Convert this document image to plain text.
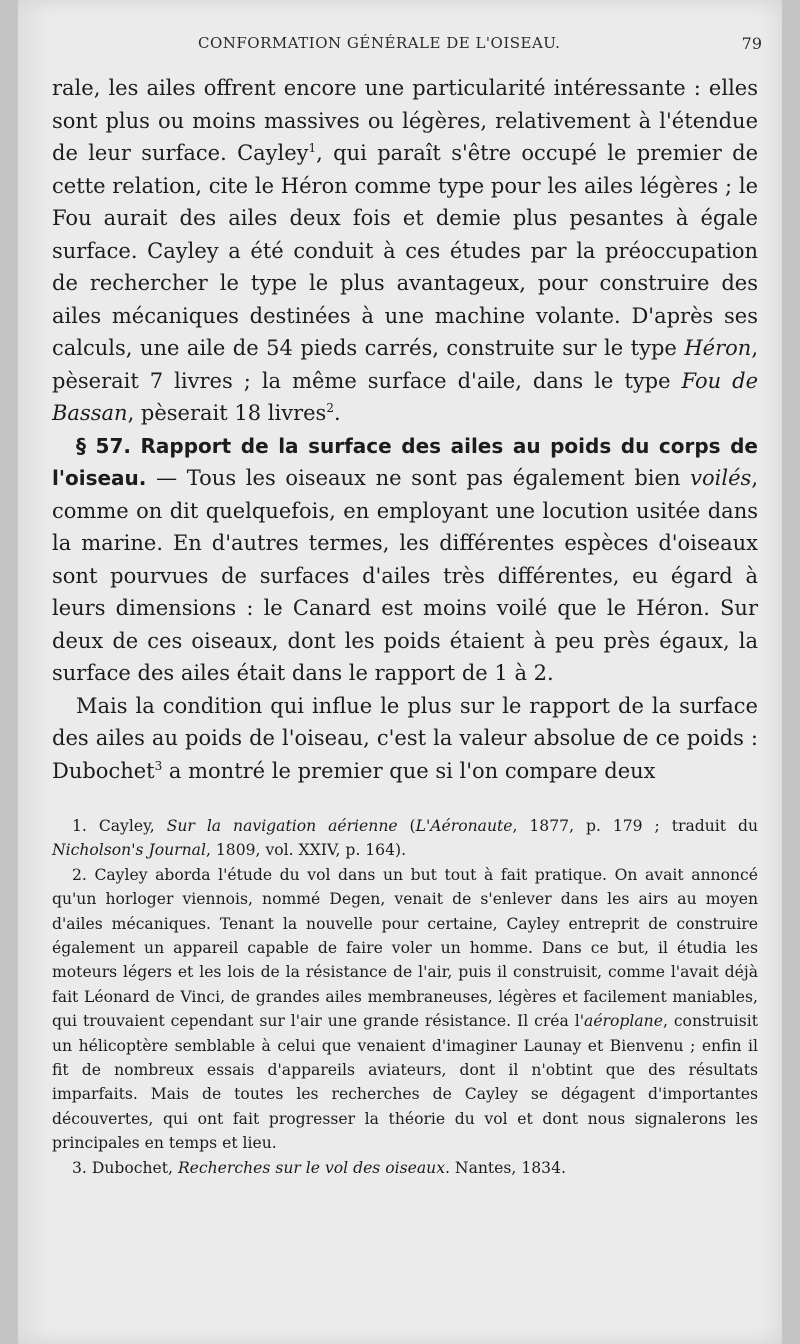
CONFORMATION GÉNÉRALE DE L'OISEAU.	79

rale, les ailes offrent encore une particularité intéressante : elles sont plus ou moins massives ou légères, relativement à l'étendue de leur surface. Cayley$^1$, qui paraît s'être occupé le premier de cette relation, cite le Héron comme type pour les ailes légères ; le Fou aurait des ailes deux fois et demie plus pesantes à égale surface. Cayley a été conduit à ces études par la préoccupation de rechercher le type le plus avantageux, pour construire des ailes mécaniques destinées à une machine volante. D'après ses calculs, une aile de 54 pieds carrés, construite sur le type Héron, pèserait 7 livres ; la même surface d'aile, dans le type Fou de Bassan, pèserait 18 livres$^2$.

§ 57. Rapport de la surface des ailes au poids du corps de l'oiseau. — Tous les oiseaux ne sont pas également bien voilés, comme on dit quelquefois, en employant une locution usitée dans la marine. En d'autres termes, les différentes espèces d'oiseaux sont pourvues de surfaces d'ailes très différentes, eu égard à leurs dimensions : le Canard est moins voilé que le Héron. Sur deux de ces oiseaux, dont les poids étaient à peu près égaux, la surface des ailes était dans le rapport de 1 à 2.

Mais la condition qui influe le plus sur le rapport de la surface des ailes au poids de l'oiseau, c'est la valeur absolue de ce poids : Dubochet$^3$ a montré le premier que si l'on compare deux

1. Cayley, Sur la navigation aérienne (L'Aéronaute, 1877, p. 179 ; traduit du Nicholson's Journal, 1809, vol. XXIV, p. 164).

2. Cayley aborda l'étude du vol dans un but tout à fait pratique. On avait annoncé qu'un horloger viennois, nommé Degen, venait de s'enlever dans les airs au moyen d'ailes mécaniques. Tenant la nouvelle pour certaine, Cayley entreprit de construire également un appareil capable de faire voler un homme. Dans ce but, il étudia les moteurs légers et les lois de la résistance de l'air, puis il construisit, comme l'avait déjà fait Léonard de Vinci, de grandes ailes membraneuses, légères et facilement maniables, qui trouvaient cependant sur l'air une grande résistance. Il créa l'aéroplane, construisit un hélicoptère semblable à celui que venaient d'imaginer Launay et Bienvenu ; enfin il fit de nombreux essais d'appareils aviateurs, dont il n'obtint que des résultats imparfaits. Mais de toutes les recherches de Cayley se dégagent d'importantes découvertes, qui ont fait progresser la théorie du vol et dont nous signalerons les principales en temps et lieu.

3. Dubochet, Recherches sur le vol des oiseaux. Nantes, 1834.
